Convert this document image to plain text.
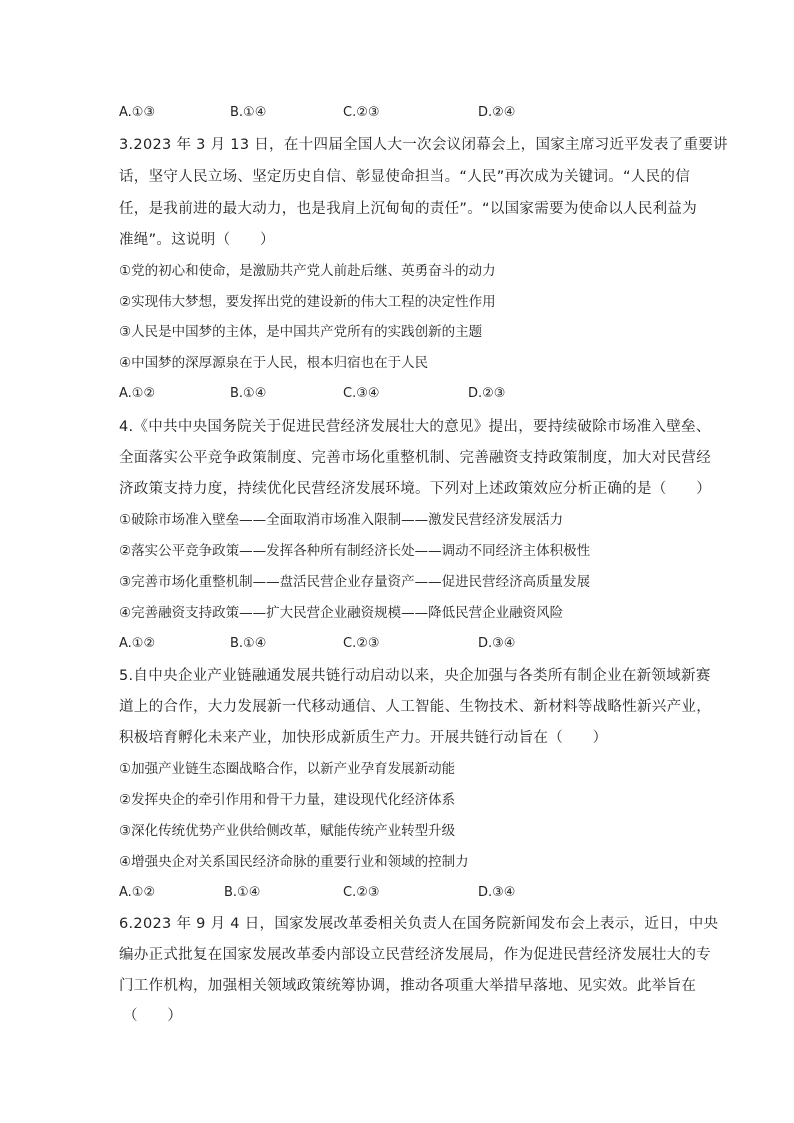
A.①③	B.①④	C.②③	D.②④
3.2023 年 3 月 13 日，在十四届全国人大一次会议闭幕会上，国家主席习近平发表了重要讲
话，坚守人民立场、坚定历史自信、彰显使命担当。“人民”再次成为关键词。“人民的信
任，是我前进的最大动力，也是我肩上沉甸甸的责任”。“以国家需要为使命以人民利益为
准绳”。这说明（　　）
①党的初心和使命，是激励共产党人前赴后继、英勇奋斗的动力
②实现伟大梦想，要发挥出党的建设新的伟大工程的决定性作用
③人民是中国梦的主体，是中国共产党所有的实践创新的主题
④中国梦的深厚源泉在于人民，根本归宿也在于人民
A.①②	B.①④	C.③④	D.②③
4.《中共中央国务院关于促进民营经济发展壮大的意见》提出，要持续破除市场准入壁垒、
全面落实公平竞争政策制度、完善市场化重整机制、完善融资支持政策制度，加大对民营经
济政策支持力度，持续优化民营经济发展环境。下列对上述政策效应分析正确的是（　　）
①破除市场准入壁垒——全面取消市场准入限制——激发民营经济发展活力
②落实公平竞争政策——发挥各种所有制经济长处——调动不同经济主体积极性
③完善市场化重整机制——盘活民营企业存量资产——促进民营经济高质量发展
④完善融资支持政策——扩大民营企业融资规模——降低民营企业融资风险
A.①②	B.①④	C.②③	D.③④
5.自中央企业产业链融通发展共链行动启动以来，央企加强与各类所有制企业在新领域新赛
道上的合作，大力发展新一代移动通信、人工智能、生物技术、新材料等战略性新兴产业，
积极培育孵化未来产业，加快形成新质生产力。开展共链行动旨在（　　）
①加强产业链生态圈战略合作，以新产业孕育发展新动能
②发挥央企的牵引作用和骨干力量，建设现代化经济体系
③深化传统优势产业供给侧改革，赋能传统产业转型升级
④增强央企对关系国民经济命脉的重要行业和领域的控制力
A.①②	B.①④	C.②③	D.③④
6.2023 年 9 月 4 日，国家发展改革委相关负责人在国务院新闻发布会上表示，近日，中央
编办正式批复在国家发展改革委内部设立民营经济发展局，作为促进民营经济发展壮大的专
门工作机构，加强相关领域政策统筹协调，推动各项重大举措早落地、见实效。此举旨在
（　　）
